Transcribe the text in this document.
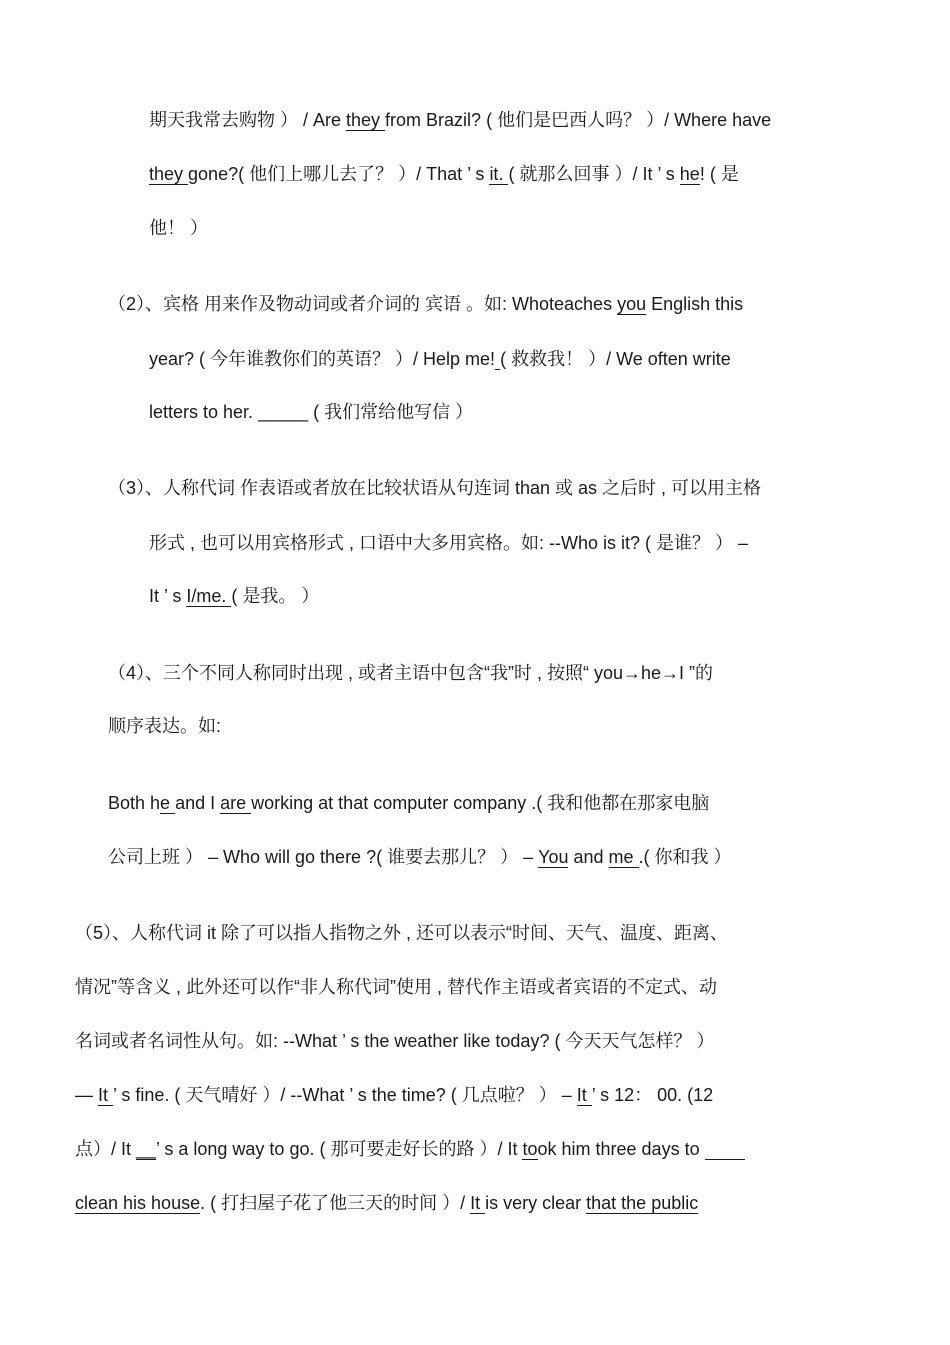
期天我常去购物 ） / Are they from Brazil? ( 他们是巴西人吗？ ）/ Where have
they gone?( 他们上哪儿去了？ ）/ That ’ s it. ( 就那么回事 ）/ It ’ s he! ( 是
他！ ）
（2）、宾格 用来作及物动词或者介词的 宾语 。如: Whoteaches you English this
year? ( 今年谁教你们的英语？ ）/ Help me! ( 救救我！ ）/ We often write
letters to her. _____ ( 我们常给他写信 ）
（3）、人称代词 作表语或者放在比较状语从句连词 than 或 as 之后时 , 可以用主格
形式 , 也可以用宾格形式 , 口语中大多用宾格。如: --Who is it? ( 是谁？ ） –
It ’ s I/me. ( 是我。 ）
（4）、三个不同人称同时出现 , 或者主语中包含“我”时 , 按照“ you→he→I ”的
顺序表达。如:
Both he and I are working at that computer company .( 我和他都在那家电脑
公司上班 ） – Who will go there ?( 谁要去那儿？ ） – You and me .( 你和我 ）
（5）、人称代词 it 除了可以指人指物之外 , 还可以表示“时间、天气、温度、距离、
情况”等含义 , 此外还可以作“非人称代词”使用 , 替代作主语或者宾语的不定式、动
名词或者名词性从句。如: --What ’ s the weather like today? ( 今天天气怎样？ ）
— It ’ s fine. ( 天气晴好 ）/ --What ’ s the time? ( 几点啦？ ） – It ’ s 12： 00. (12
点）/ It __’ s a long way to go. ( 那可要走好长的路 ）/ It took him three days to
clean his house. ( 打扫屋子花了他三天的时间 ）/ It is very clear that the public
